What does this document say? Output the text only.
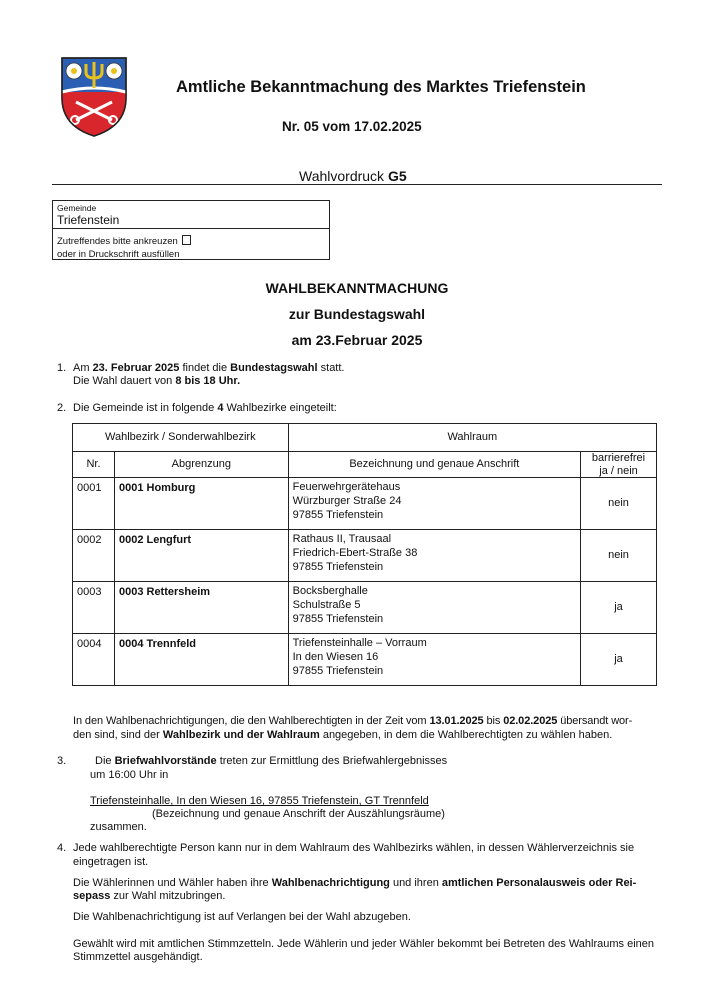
Amtliche Bekanntmachung des Marktes Triefenstein
Nr. 05 vom 17.02.2025
Wahlvordruck G5
Gemeinde
Triefenstein
Zutreffendes bitte ankreuzen
oder in Druckschrift ausfüllen
WAHLBEKANNTMACHUNG
zur Bundestagswahl
am 23.Februar 2025
1. Am 23. Februar 2025 findet die Bundestagswahl statt.
Die Wahl dauert von 8 bis 18 Uhr.
2. Die Gemeinde ist in folgende 4 Wahlbezirke eingeteilt:
Wahlbezirk / Sonderwahlbezirk		Wahlraum	
Nr.	Abgrenzung	Bezeichnung und genaue Anschrift	barrierefrei
ja / nein
0001	0001 Homburg	Feuerwehrgerätehaus
Würzburger Straße 24
97855 Triefenstein	nein
0002	0002 Lengfurt	Rathaus II, Trausaal
Friedrich-Ebert-Straße 38
97855 Triefenstein	nein
0003	0003 Rettersheim	Bocksberghalle
Schulstraße 5
97855 Triefenstein	ja
0004	0004 Trennfeld	Triefensteinhalle – Vorraum
In den Wiesen 16
97855 Triefenstein	ja
In den Wahlbenachrichtigungen, die den Wahlberechtigten in der Zeit vom 13.01.2025 bis 02.02.2025 übersandt wor-
den sind, sind der Wahlbezirk und der Wahlraum angegeben, in dem die Wahlberechtigten zu wählen haben.
3.	Die Briefwahlvorstände treten zur Ermittlung des Briefwahlergebnisses
um 16:00 Uhr in
Triefensteinhalle, In den Wiesen 16, 97855 Triefenstein, GT Trennfeld
(Bezeichnung und genaue Anschrift der Auszählungsräume)
zusammen.
4. Jede wahlberechtigte Person kann nur in dem Wahlraum des Wahlbezirks wählen, in dessen Wählerverzeichnis sie
eingetragen ist.
Die Wählerinnen und Wähler haben ihre Wahlbenachrichtigung und ihren amtlichen Personalausweis oder Rei-
sepass zur Wahl mitzubringen.
Die Wahlbenachrichtigung ist auf Verlangen bei der Wahl abzugeben.
Gewählt wird mit amtlichen Stimmzetteln. Jede Wählerin und jeder Wähler bekommt bei Betreten des Wahlraums einen
Stimmzettel ausgehändigt.
